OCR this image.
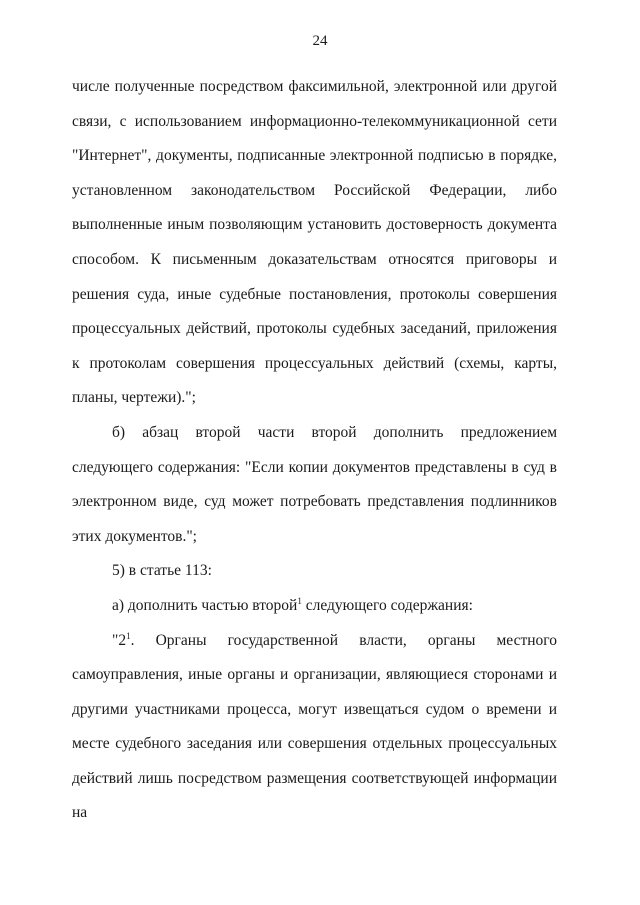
24

числе полученные посредством факсимильной, электронной или другой связи, с использованием информационно-телекоммуникационной сети "Интернет", документы, подписанные электронной подписью в порядке, установленном законодательством Российской Федерации, либо выполненные иным позволяющим установить достоверность документа способом. К письменным доказательствам относятся приговоры и решения суда, иные судебные постановления, протоколы совершения процессуальных действий, протоколы судебных заседаний, приложения к протоколам совершения процессуальных действий (схемы, карты, планы, чертежи).";

б) абзац второй части второй дополнить предложением следующего содержания: "Если копии документов представлены в суд в электронном виде, суд может потребовать представления подлинников этих документов.";

5) в статье 113:

а) дополнить частью второй$^1$ следующего содержания:

"$2^1$. Органы государственной власти, органы местного самоуправления, иные органы и организации, являющиеся сторонами и другими участниками процесса, могут извещаться судом о времени и месте судебного заседания или совершения отдельных процессуальных действий лишь посредством размещения соответствующей информации на
